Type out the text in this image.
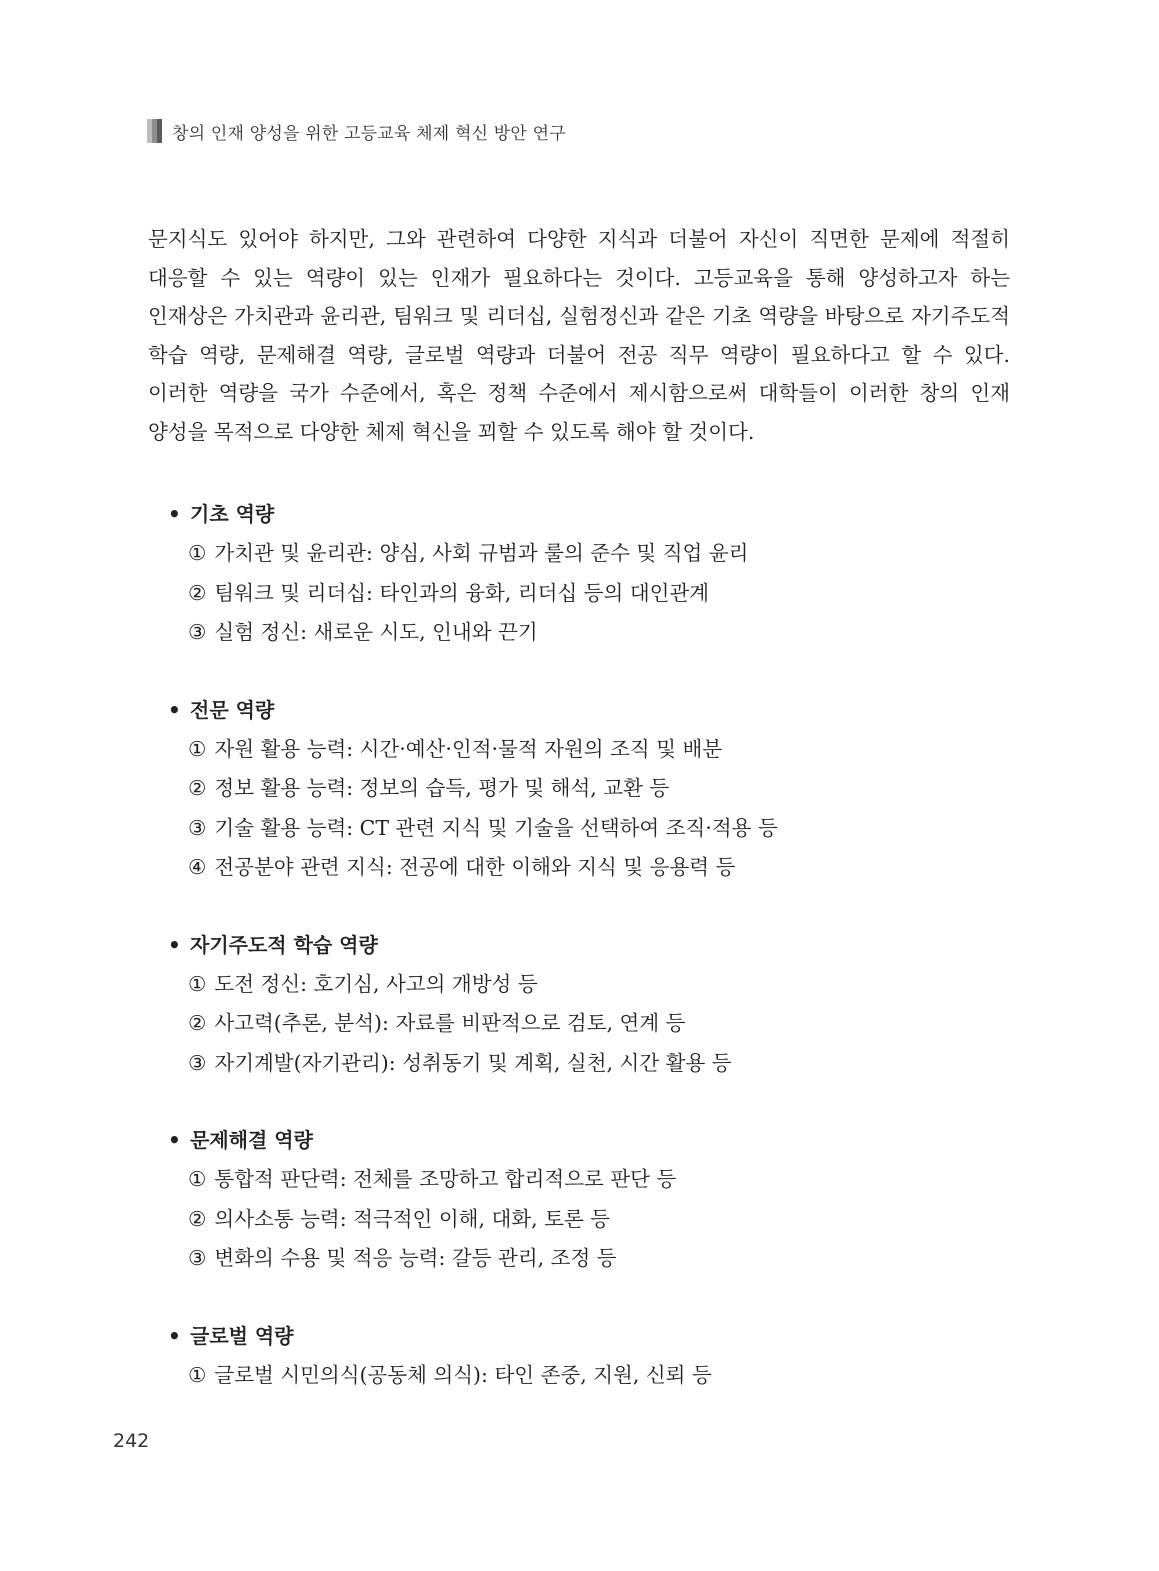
창의 인재 양성을 위한 고등교육 체제 혁신 방안 연구

문지식도 있어야 하지만, 그와 관련하여 다양한 지식과 더불어 자신이 직면한 문제에 적절히 대응할 수 있는 역량이 있는 인재가 필요하다는 것이다. 고등교육을 통해 양성하고자 하는 인재상은 가치관과 윤리관, 팀워크 및 리더십, 실험정신과 같은 기초 역량을 바탕으로 자기주도적 학습 역량, 문제해결 역량, 글로벌 역량과 더불어 전공 직무 역량이 필요하다고 할 수 있다. 이러한 역량을 국가 수준에서, 혹은 정책 수준에서 제시함으로써 대학들이 이러한 창의 인재 양성을 목적으로 다양한 체제 혁신을 꾀할 수 있도록 해야 할 것이다.

• 기초 역량
① 가치관 및 윤리관: 양심, 사회 규범과 룰의 준수 및 직업 윤리
② 팀워크 및 리더십: 타인과의 융화, 리더십 등의 대인관계
③ 실험 정신: 새로운 시도, 인내와 끈기
• 전문 역량
① 자원 활용 능력: 시간·예산·인적·물적 자원의 조직 및 배분
② 정보 활용 능력: 정보의 습득, 평가 및 해석, 교환 등
③ 기술 활용 능력: CT 관련 지식 및 기술을 선택하여 조직·적용 등
④ 전공분야 관련 지식: 전공에 대한 이해와 지식 및 응용력 등
• 자기주도적 학습 역량
① 도전 정신: 호기심, 사고의 개방성 등
② 사고력(추론, 분석): 자료를 비판적으로 검토, 연계 등
③ 자기계발(자기관리): 성취동기 및 계획, 실천, 시간 활용 등
• 문제해결 역량
① 통합적 판단력: 전체를 조망하고 합리적으로 판단 등
② 의사소통 능력: 적극적인 이해, 대화, 토론 등
③ 변화의 수용 및 적응 능력: 갈등 관리, 조정 등
• 글로벌 역량
① 글로벌 시민의식(공동체 의식): 타인 존중, 지원, 신뢰 등
242
